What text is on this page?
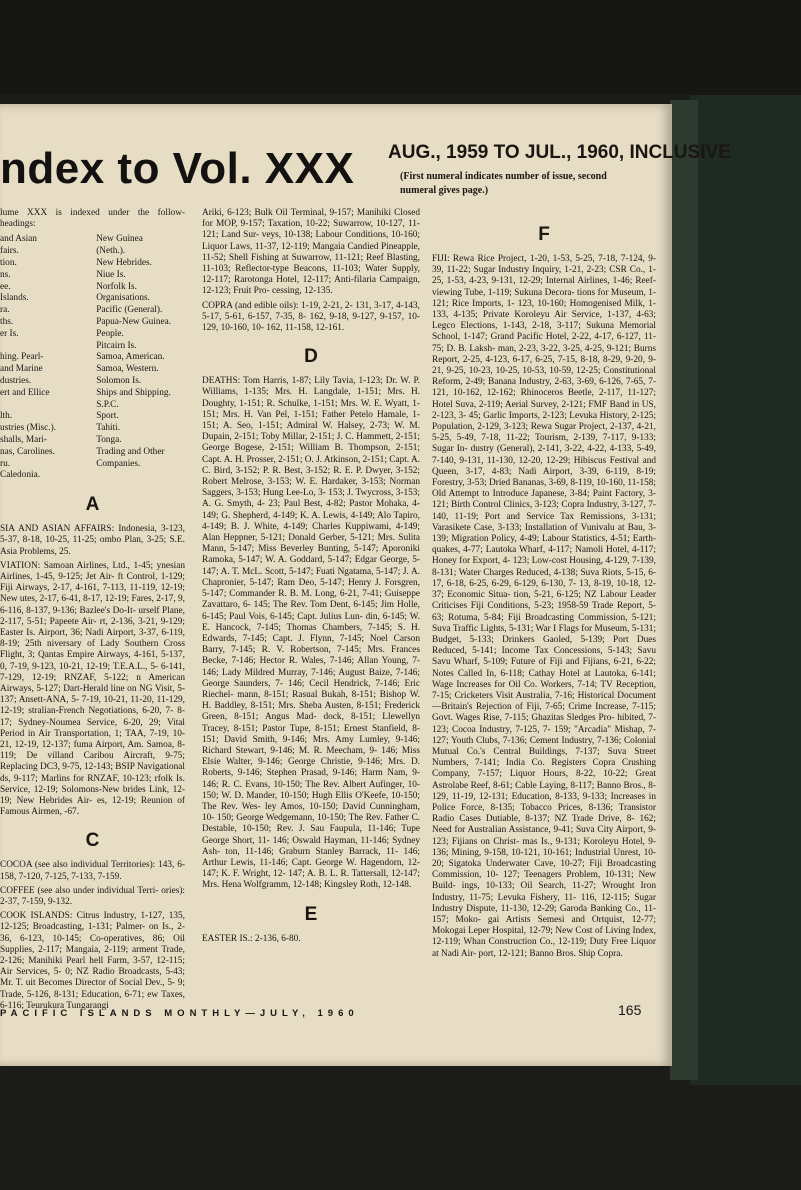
ndex to Vol. XXX AUG., 1959 TO JUL., 1960, INCLUSIVE
(First numeral indicates number of issue, second numeral gives page.)

lume XXX is indexed under the follow- headings:

and Asian
fairs.
tion.
ns.
ee.
Islands.
ra.
ths.
er Is.

hing. Pearl-
and Marine
dustries.
ert and Ellice

lth.
ustries (Misc.).
shalls, Mari-
nas, Carolines.
ru.
Caledonia.
New Guinea
(Neth.).
New Hebrides.
Niue Is.
Norfolk Is.
Organisations.
Pacific (General).
Papua-New Guinea.
People.
Pitcairn Is.
Samoa, American.
Samoa, Western.
Solomon Is.
Ships and Shipping.
S.P.C.
Sport.
Tahiti.
Tonga.
Trading and Other
Companies.
A

SIA AND ASIAN AFFAIRS: Indonesia, 3-123, 5-37, 8-18, 10-25, 11-25; ombo Plan, 3-25; S.E. Asia Problems, 25.

VIATION: Samoan Airlines, Ltd., 1-45; ynesian Airlines, 1-45, 9-125; Jet Air- ft Control, 1-129; Fiji Airways, 2-17, 4-161, 7-113, 11-119, 12-19; New utes, 2-17, 6-41, 8-17, 12-19; Fares, 2-17, 9, 6-116, 8-137, 9-136; Bazlee's Do-It- urself Plane, 2-117, 5-51; Papeete Air- rt, 2-136, 3-21, 9-129; Easter Is. Airport, 36; Nadi Airport, 3-37, 6-119, 8-19; 25th niversary of Lady Southern Cross Flight, 3; Qantas Empire Airways, 4-161, 5-137, 0, 7-19, 9-123, 10-21, 12-19; T.E.A.L., 5- 6-141, 7-129, 12-19; RNZAF, 5-122; n American Airways, 5-127; Dart-Herald line on NG Visit, 5-137; Ansett-ANA, 5- 7-19, 10-21, 11-20, 11-129, 12-19; stralian-French Negotiations, 6-20, 7- 8-17; Sydney-Noumea Service, 6-20, 29; Vital Period in Air Transportation, 1; TAA, 7-19, 10-21, 12-19, 12-137; fuma Airport, Am. Samoa, 8-119; De villand Caribou Aircraft, 9-75; Replacing DC3, 9-75, 12-143; BSIP Navigational ds, 9-117; Marlins for RNZAF, 10-123; rfolk Is. Service, 12-19; Solomons-New brides Link, 12-19; New Hebrides Air- es, 12-19; Reunion of Famous Airmen, -67.

C

COCOA (see also individual Territories): 143, 6-158, 7-120, 7-125, 7-133, 7-159.

COFFEE (see also under individual Terri- ories): 2-37, 7-159, 9-132.

COOK ISLANDS: Citrus Industry, 1-127, 135, 12-125; Broadcasting, 1-131; Palmer- on Is., 2-36, 6-123, 10-145; Co-operatives, 86; Oil Supplies, 2-117; Mangaia, 2-119; arment Trade, 2-126; Manihiki Pearl hell Farm, 3-57, 12-115; Air Services, 5- 0; NZ Radio Broadcasts, 5-43; Mr. T. uit Becomes Director of Social Dev., 5- 9; Trade, 5-126, 8-131; Education, 6-71; ew Taxes, 6-116; Teurukura Tungarangi

Ariki, 6-123; Bulk Oil Terminal, 9-157; Manihiki Closed for MOP, 9-157; Taxation, 10-22; Suwarrow, 10-127, 11-121; Land Sur- veys, 10-138; Labour Conditions, 10-160; Liquor Laws, 11-37, 12-119; Mangaia Candied Pineapple, 11-52; Shell Fishing at Suwarrow, 11-121; Reef Blasting, 11-103; Reflector-type Beacons, 11-103; Water Supply, 12-117; Rarotonga Hotel, 12-117; Anti-filaria Campaign, 12-123; Fruit Pro- cessing, 12-135.

COPRA (and edible oils): 1-19, 2-21, 2- 131, 3-17, 4-143, 5-17, 5-61, 6-157, 7-35, 8- 162, 9-18, 9-127, 9-157, 10-129, 10-160, 10- 162, 11-158, 12-161.

D

DEATHS: Tom Harris, 1-87; Lily Tavia, 1-123; Dr. W. P. Williams, 1-135; Mrs. H. Langdale, 1-151; Mrs. H. Doughty, 1-151; R. Schulke, 1-151; Mrs. W. E. Wyatt, 1- 151; Mrs. H. Van Pel, 1-151; Father Petelo Hamale, 1-151; A. Seo, 1-151; Admiral W. Halsey, 2-73; W. M. Dupain, 2-151; Toby Millar, 2-151; J. C. Hammett, 2-151; George Bogese, 2-151; William B. Thompson, 2-151; Capt. A. H. Prosser, 2-151; O. J. Atkinson, 2-151; Capt. A. C. Bird, 3-152; P. R. Best, 3-152; R. E. P. Dwyer, 3-152; Robert Melrose, 3-153; W. E. Hardaker, 3-153; Norman Saggers, 3-153; Hung Lee-Lo, 3- 153; J. Twycross, 3-153; A. G. Smyth, 4- 23; Paul Best, 4-82; Pastor Mohaka, 4-149; G. Shepherd, 4-149; K. A. Lewis, 4-149; Alo Tapiro, 4-149; B. J. White, 4-149; Charles Kuppiwami, 4-149; Alan Heppner, 5-121; Donald Gerber, 5-121; Mrs. Sulita Mann, 5-147; Miss Beverley Bunting, 5-147; Aporoniki Ramoka, 5-147; W. A. Goddard, 5-147; Edgar George, 5-147; A. T. McL. Scott, 5-147; Fuati Ngatama, 5-147; J. A. Chapronier, 5-147; Ram Deo, 5-147; Henry J. Forsgren, 5-147; Commander R. B. M. Long, 6-21, 7-41; Guiseppe Zavattaro, 6- 145; The Rev. Tom Dent, 6-145; Jim Holle, 6-145; Paul Vois, 6-145; Capt. Julius Lun- din, 6-145; W. E. Hancock, 7-145; Thomas Chambers, 7-145; S. H. Edwards, 7-145; Capt. J. Flynn, 7-145; Noel Carson Barry, 7-145; R. V. Robertson, 7-145; Mrs. Frances Becke, 7-146; Hector R. Wales, 7-146; Allan Young, 7-146; Lady Mildred Murray, 7-146; August Baize, 7-146; George Saunders, 7- 146; Cecil Hendrick, 7-146; Eric Riechel- mann, 8-151; Rasual Bukah, 8-151; Bishop W. H. Baddley, 8-151; Mrs. Sheba Austen, 8-151; Frederick Green, 8-151; Angus Mad- dock, 8-151; Llewellyn Tracey, 8-151; Pastor Tupe, 8-151; Ernest Stanfield, 8-151; David Smith, 9-146; Mrs. Amy Lumley, 9-146; Richard Stewart, 9-146; M. R. Meecham, 9- 146; Miss Elsie Walter, 9-146; George Christie, 9-146; Mrs. D. Roberts, 9-146; Stephen Prasad, 9-146; Harm Nam, 9-146; R. C. Evans, 10-150; The Rev. Albert Aufinger, 10-150; W. D. Mander, 10-150; Hugh Ellis O'Keefe, 10-150; The Rev. Wes- ley Amos, 10-150; David Cunningham, 10- 150; George Wedgemann, 10-150; The Rev. Father C. Destable, 10-150; Rev. J. Sau Faupula, 11-146; Tupe George Short, 11- 146; Oswald Hayman, 11-146; Sydney Ash- ton, 11-146; Graburn Stanley Barrack, 11- 146; Arthur Lewis, 11-146; Capt. George W. Hagendorn, 12-147; K. F. Wright, 12- 147; A. B. L. R. Tattersall, 12-147; Mrs. Hena Wolfgramm, 12-148; Kingsley Roth, 12-148.

E

EASTER IS.: 2-136, 6-80.

F

FIJI: Rewa Rice Project, 1-20, 1-53, 5-25, 7-18, 7-124, 9-39, 11-22; Sugar Industry Inquiry, 1-21, 2-23; CSR Co., 1-25, 1-53, 4-23, 9-131, 12-29; Internal Airlines, 1-46; Reef-viewing Tube, 1-119; Sukuna Decora- tions for Museum, 1-121; Rice Imports, 1- 123, 10-160; Homogenised Milk, 1-133, 4-135; Private Koroleyu Air Service, 1-137, 4-63; Legco Elections, 1-143, 2-18, 3-117; Sukuna Memorial School, 1-147; Grand Pacific Hotel, 2-22, 4-17, 6-127, 11-75; D. B. Laksh- man, 2-23, 3-22, 3-25, 4-25, 9-121; Burns Report, 2-25, 4-123, 6-17, 6-25, 7-15, 8-18, 8-29, 9-20, 9-21, 9-25, 10-23, 10-25, 10-53, 10-59, 12-25; Constitutional Reform, 2-49; Banana Industry, 2-63, 3-69, 6-126, 7-65, 7-121, 10-162, 12-162; Rhinoceros Beetle, 2-117, 11-127; Hotel Suva, 2-119; Aerial Survey, 2-121; FMF Band in US, 2-123, 3- 45; Garlic Imports, 2-123; Levuka History, 2-125; Population, 2-129, 3-123; Rewa Sugar Project, 2-137, 4-21, 5-25, 5-49, 7-18, 11-22; Tourism, 2-139, 7-117, 9-133; Sugar In- dustry (General), 2-141, 3-22, 4-22, 4-133, 5-49, 7-140, 9-131, 11-130, 12-20, 12-29; Hibiscus Festival and Queen, 3-17, 4-83; Nadi Airport, 3-39, 6-119, 8-19; Forestry, 3-53; Dried Bananas, 3-69, 8-119, 10-160, 11-158; Old Attempt to Introduce Japanese, 3-84; Paint Factory, 3-121; Birth Control Clinics, 3-123; Copra Industry, 3-127, 7-140, 11-19; Port and Service Tax Remissions, 3-131; Varasikete Case, 3-133; Installation of Vunivalu at Bau, 3-139; Migration Policy, 4-49; Labour Statistics, 4-51; Earth- quakes, 4-77; Lautoka Wharf, 4-117; Namoli Hotel, 4-117; Honey for Export, 4- 123; Low-cost Housing, 4-129, 7-139, 8-131; Water Charges Reduced, 4-138; Suva Riots, 5-15, 6-17, 6-18, 6-25, 6-29, 6-129, 6-130, 7- 13, 8-19, 10-18, 12-37; Economic Situa- tion, 5-21, 6-125; NZ Labour Leader Criticises Fiji Conditions, 5-23; 1958-59 Trade Report, 5-63; Rotuma, 5-84; Fiji Broadcasting Commission, 5-121; Suva Traffic Lights, 5-131; War I Flags for Museum, 5-131; Budget, 5-133; Drinkers Gaoled, 5-139; Port Dues Reduced, 5-141; Income Tax Concessions, 5-143; Savu Savu Wharf, 5-109; Future of Fiji and Fijians, 6-21, 6-22; Notes Called In, 6-118; Cathay Hotel at Lautoka, 6-141; Wage Increases for Oil Co. Workers, 7-14; TV Reception, 7-15; Cricketers Visit Australia, 7-16; Historical Document—Britain's Rejection of Fiji, 7-65; Crime Increase, 7-115; Govt. Wages Rise, 7-115; Ghazitas Sledges Pro- hibited, 7-123; Cocoa Industry, 7-125, 7- 159; "Arcadia" Mishap, 7-127; Youth Clubs, 7-136; Cement Industry, 7-136; Colonial Mutual Co.'s Central Buildings, 7-137; Suva Street Numbers, 7-141; India Co. Registers Copra Crushing Company, 7-157; Liquor Hours, 8-22, 10-22; Great Astrolabe Reef, 8-61; Cable Laying, 8-117; Banno Bros., 8-129, 11-19, 12-131; Education, 8-133, 9-133; Increases in Police Force, 8-135; Tobacco Prices, 8-136; Transistor Radio Cases Dutiable, 8-137; NZ Trade Drive, 8- 162; Need for Australian Assistance, 9-41; Suva City Airport, 9-123; Fijians on Christ- mas Is., 9-131; Koroleyu Hotel, 9-136; Mining, 9-158, 10-121, 10-161; Industrial Unrest, 10-20; Sigatoka Underwater Cave, 10-27; Fiji Broadcasting Commission, 10- 127; Teenagers Problem, 10-131; New Build- ings, 10-133; Oil Search, 11-27; Wrought Iron Industry, 11-75; Levuka Fishery, 11- 116, 12-115; Sugar Industry Dispute, 11-130, 12-29; Garoda Banking Co., 11-157; Moko- gai Artists Semesi and Ortquist, 12-77; Mokogai Leper Hospital, 12-79; New Cost of Living Index, 12-119; Whan Construction Co., 12-119; Duty Free Liquor at Nadi Air- port, 12-121; Banno Bros. Ship Copra.

PACIFIC ISLANDS MONTHLY—JULY, 1960	165
